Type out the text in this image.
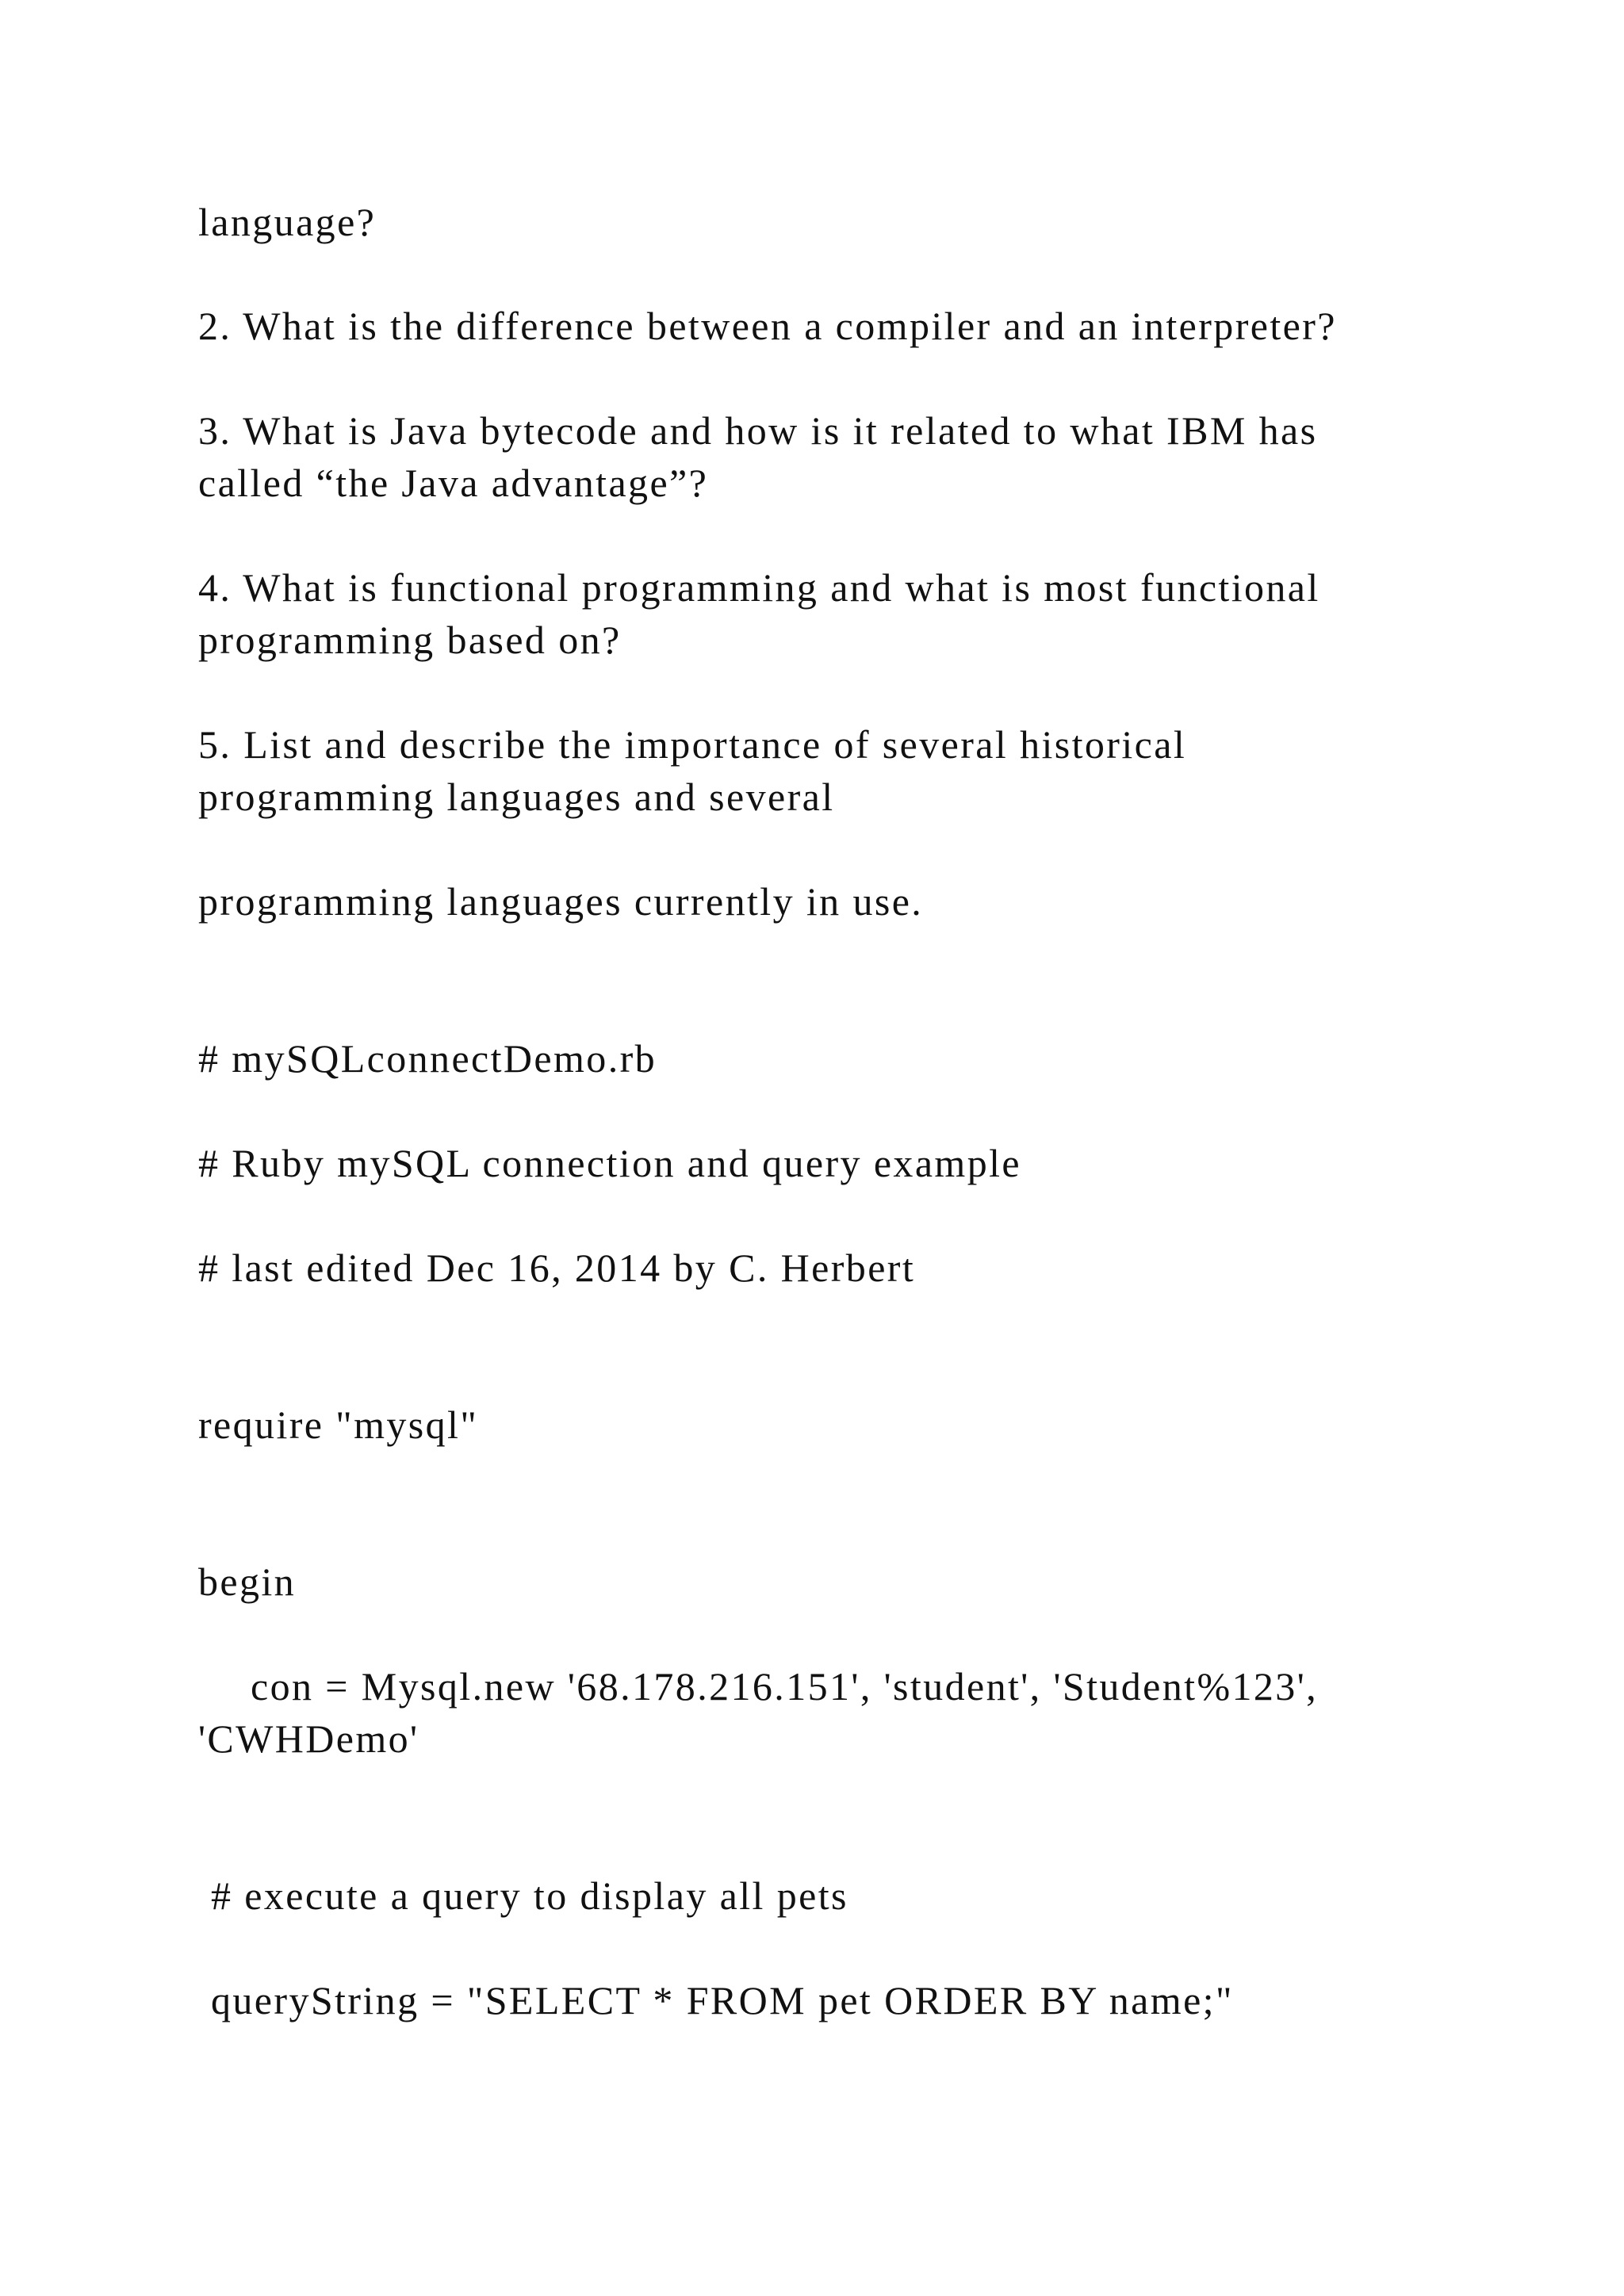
language?

2. What is the difference between a compiler and an interpreter?

3. What is Java bytecode and how is it related to what IBM has

called “the Java advantage”?

4. What is functional programming and what is most functional

programming based on?

5. List and describe the importance of several historical

programming languages and several

programming languages currently in use.

# mySQLconnectDemo.rb

# Ruby mySQL connection and query example

# last edited Dec 16, 2014 by C. Herbert

require "mysql"

begin

con = Mysql.new '68.178.216.151', 'student', 'Student%123',

'CWHDemo'

# execute a query to display all pets

queryString = "SELECT * FROM pet ORDER BY name;"
